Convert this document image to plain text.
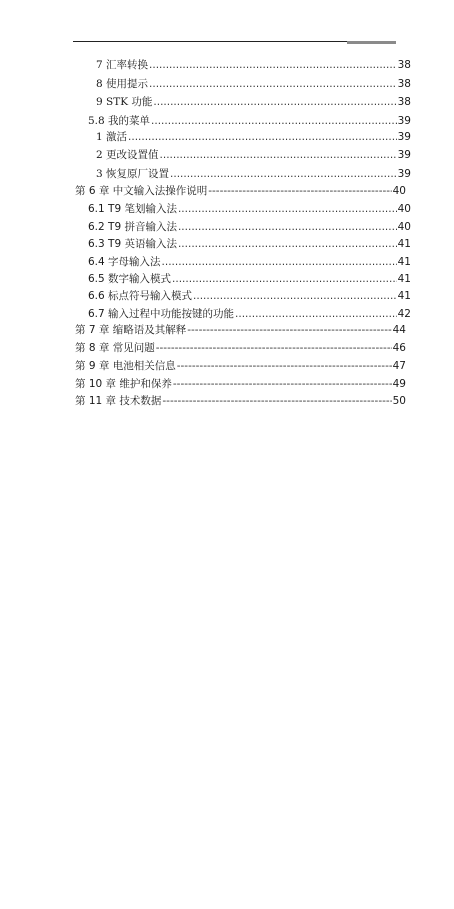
7 汇率转换 .....	38
8 使用提示 .....	38
9 STK 功能 .....	38
5.8 我的菜单 .....	39
1 激活 .....	39
2 更改设置值 .....	39
3 恢复原厂设置 .....	39
第 6 章 中文输入法操作说明 -----	40
6.1 T9 笔划输入法 .....	40
6.2 T9 拼音输入法 .....	40
6.3 T9 英语输入法 .....	41
6.4 字母输入法 .....	41
6.5 数字输入模式 .....	41
6.6 标点符号输入模式 .....	41
6.7 输入过程中功能按键的功能 .....	42
第 7 章 缩略语及其解释 -----	44
第 8 章 常见问题 -----	46
第 9 章 电池相关信息 -----	47
第 10 章 维护和保养 -----	49
第 11 章 技术数据 -----	50
